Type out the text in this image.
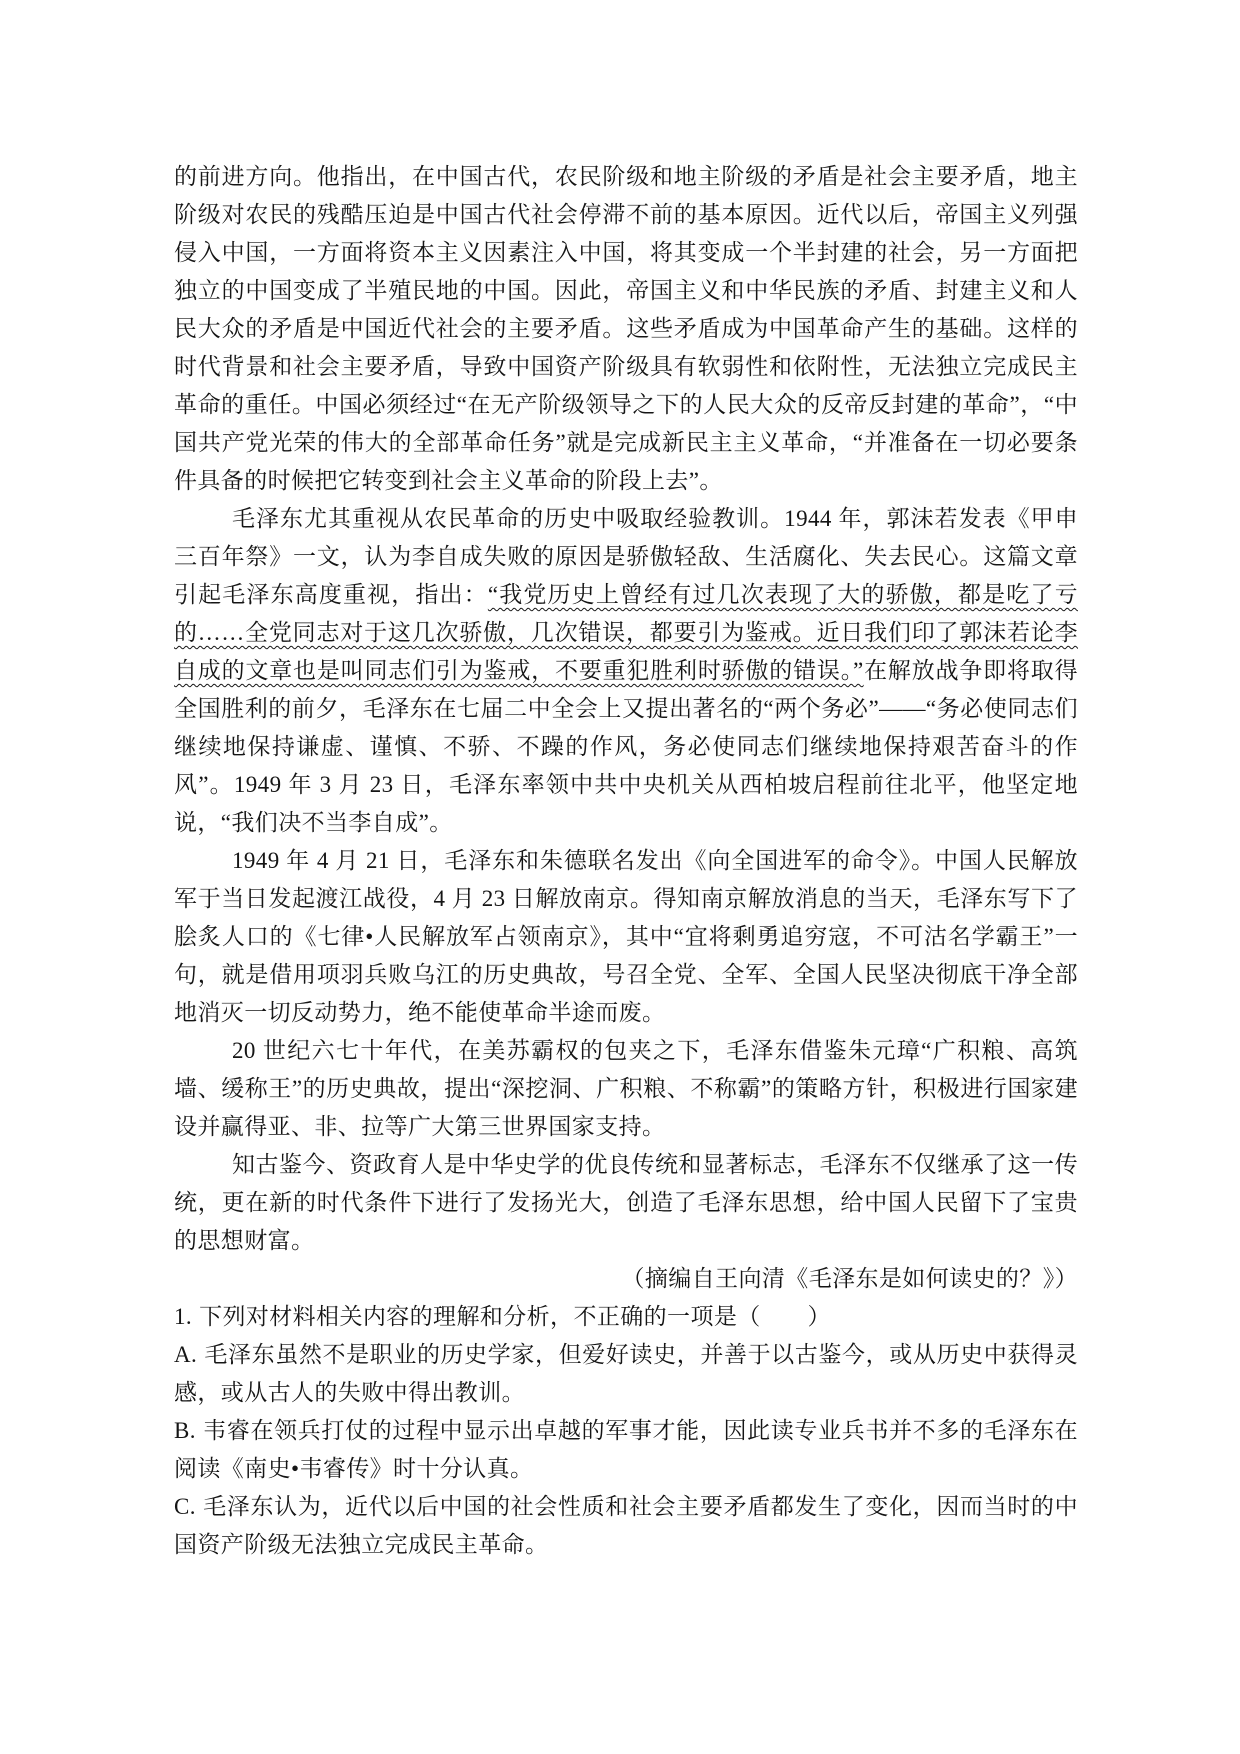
的前进方向。他指出，在中国古代，农民阶级和地主阶级的矛盾是社会主要矛盾，地主阶级对农民的残酷压迫是中国古代社会停滞不前的基本原因。近代以后，帝国主义列强侵入中国，一方面将资本主义因素注入中国，将其变成一个半封建的社会，另一方面把独立的中国变成了半殖民地的中国。因此，帝国主义和中华民族的矛盾、封建主义和人民大众的矛盾是中国近代社会的主要矛盾。这些矛盾成为中国革命产生的基础。这样的时代背景和社会主要矛盾，导致中国资产阶级具有软弱性和依附性，无法独立完成民主革命的重任。中国必须经过“在无产阶级领导之下的人民大众的反帝反封建的革命”，“中国共产党光荣的伟大的全部革命任务”就是完成新民主主义革命，“并准备在一切必要条件具备的时候把它转变到社会主义革命的阶段上去”。

毛泽东尤其重视从农民革命的历史中吸取经验教训。1944 年，郭沫若发表《甲申三百年祭》一文，认为李自成失败的原因是骄傲轻敌、生活腐化、失去民心。这篇文章引起毛泽东高度重视，指出：“我党历史上曾经有过几次表现了大的骄傲，都是吃了亏的……全党同志对于这几次骄傲，几次错误，都要引为鉴戒。近日我们印了郭沫若论李自成的文章也是叫同志们引为鉴戒，不要重犯胜利时骄傲的错误。”在解放战争即将取得全国胜利的前夕，毛泽东在七届二中全会上又提出著名的“两个务必”——“务必使同志们继续地保持谦虚、谨慎、不骄、不躁的作风，务必使同志们继续地保持艰苦奋斗的作风”。1949 年 3 月 23 日，毛泽东率领中共中央机关从西柏坡启程前往北平，他坚定地说，“我们决不当李自成”。

1949 年 4 月 21 日，毛泽东和朱德联名发出《向全国进军的命令》。中国人民解放军于当日发起渡江战役，4 月 23 日解放南京。得知南京解放消息的当天，毛泽东写下了脍炙人口的《七律•人民解放军占领南京》，其中“宜将剩勇追穷寇，不可沽名学霸王”一句，就是借用项羽兵败乌江的历史典故，号召全党、全军、全国人民坚决彻底干净全部地消灭一切反动势力，绝不能使革命半途而废。

20 世纪六七十年代，在美苏霸权的包夹之下，毛泽东借鉴朱元璋“广积粮、高筑墙、缓称王”的历史典故，提出“深挖洞、广积粮、不称霸”的策略方针，积极进行国家建设并赢得亚、非、拉等广大第三世界国家支持。

知古鉴今、资政育人是中华史学的优良传统和显著标志，毛泽东不仅继承了这一传统，更在新的时代条件下进行了发扬光大，创造了毛泽东思想，给中国人民留下了宝贵的思想财富。

（摘编自王向清《毛泽东是如何读史的？》）

1. 下列对材料相关内容的理解和分析，不正确的一项是（　　）

A. 毛泽东虽然不是职业的历史学家，但爱好读史，并善于以古鉴今，或从历史中获得灵感，或从古人的失败中得出教训。

B. 韦睿在领兵打仗的过程中显示出卓越的军事才能，因此读专业兵书并不多的毛泽东在阅读《南史•韦睿传》时十分认真。

C. 毛泽东认为，近代以后中国的社会性质和社会主要矛盾都发生了变化，因而当时的中国资产阶级无法独立完成民主革命。
